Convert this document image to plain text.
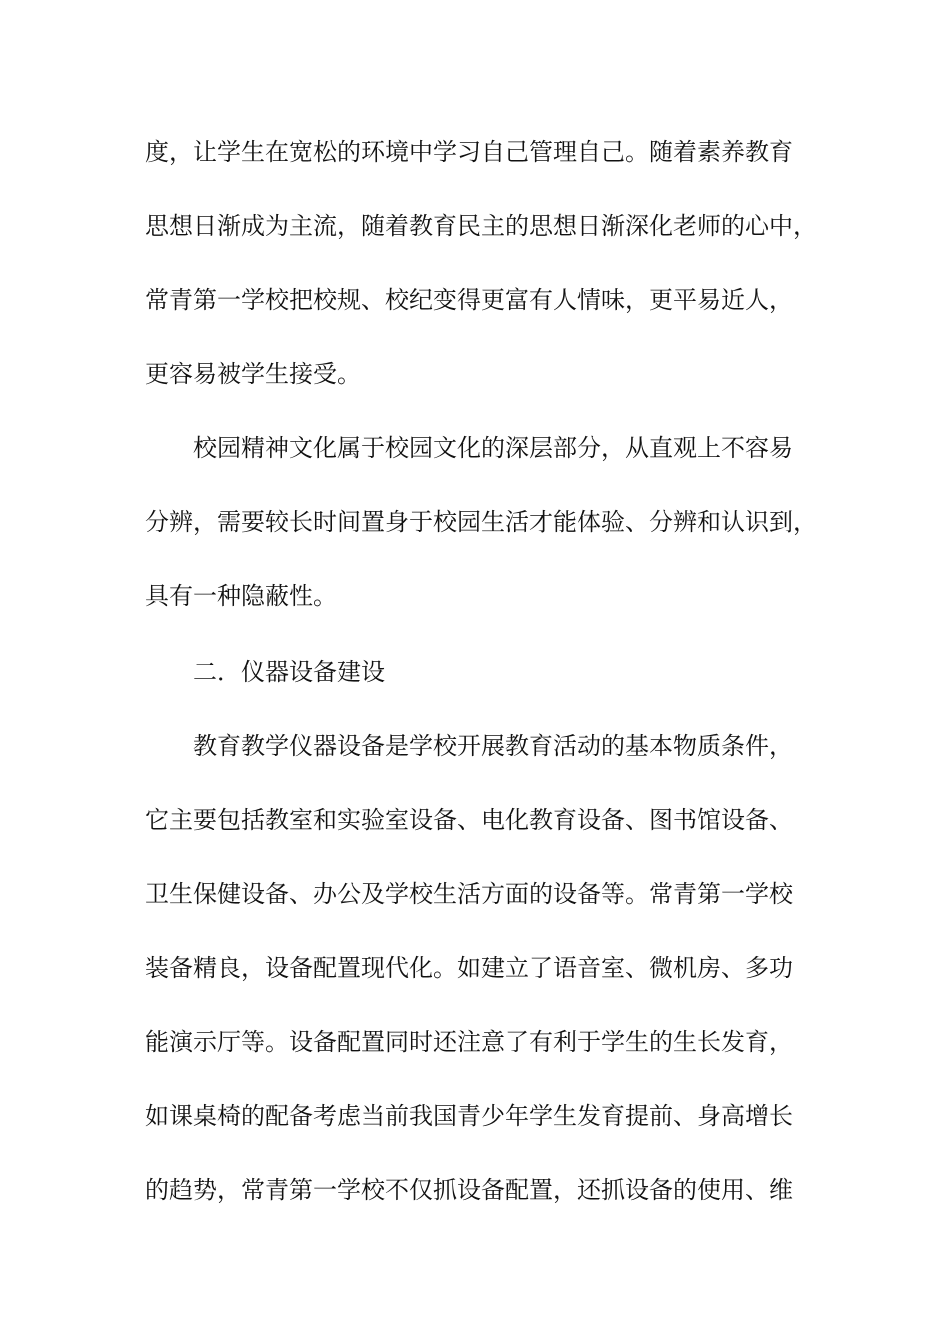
度，让学生在宽松的环境中学习自己管理自己。随着素养教育
思想日渐成为主流，随着教育民主的思想日渐深化老师的心中，
常青第一学校把校规、校纪变得更富有人情味，更平易近人，
更容易被学生接受。
校园精神文化属于校园文化的深层部分，从直观上不容易
分辨，需要较长时间置身于校园生活才能体验、分辨和认识到，
具有一种隐蔽性。
二．仪器设备建设
教育教学仪器设备是学校开展教育活动的基本物质条件，
它主要包括教室和实验室设备、电化教育设备、图书馆设备、
卫生保健设备、办公及学校生活方面的设备等。常青第一学校
装备精良，设备配置现代化。如建立了语音室、微机房、多功
能演示厅等。设备配置同时还注意了有利于学生的生长发育，
如课桌椅的配备考虑当前我国青少年学生发育提前、身高增长
的趋势，常青第一学校不仅抓设备配置，还抓设备的使用、维
